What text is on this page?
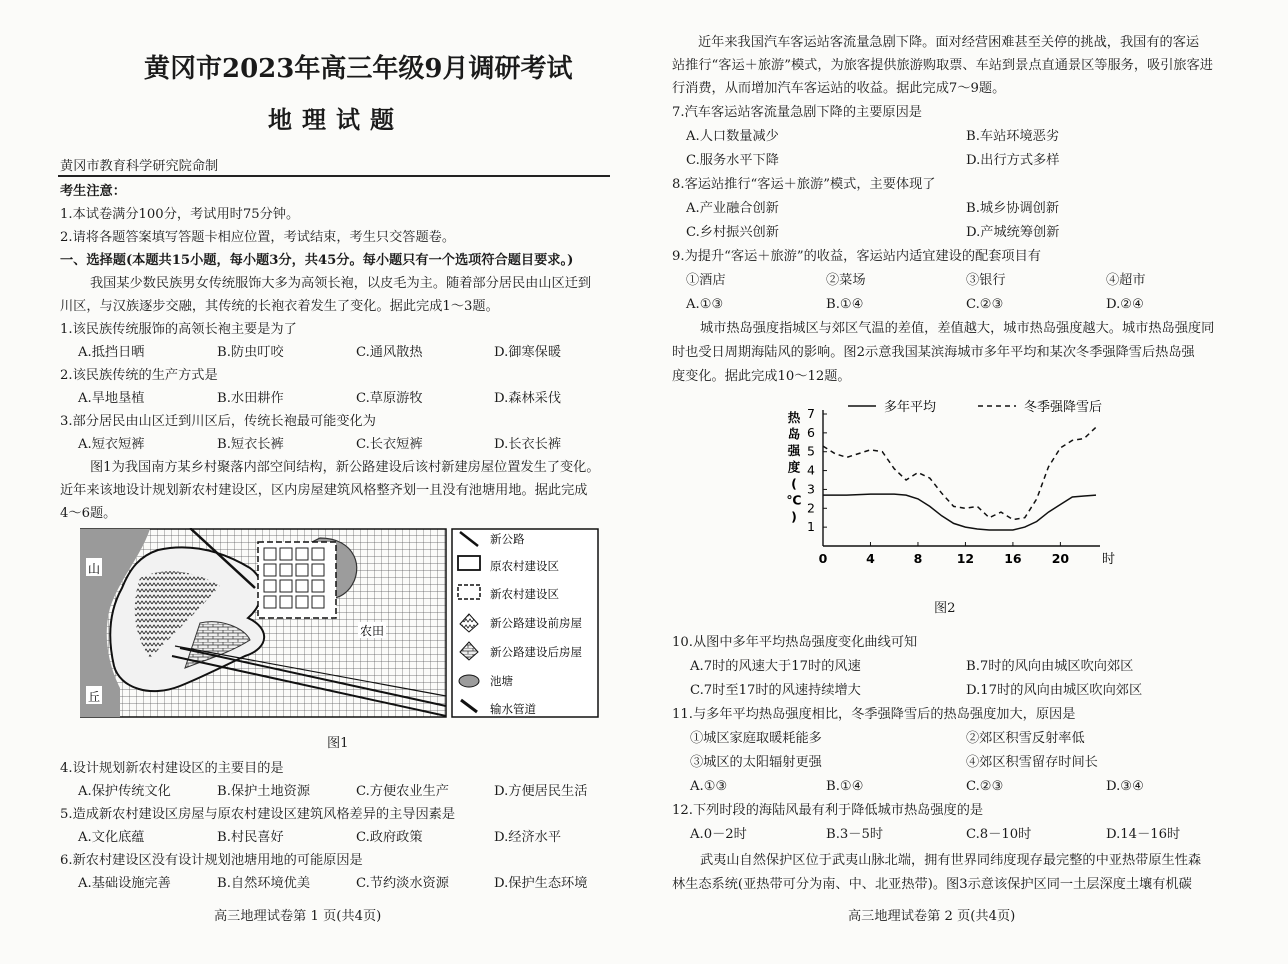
黄冈市2023年高三年级9月调研考试
地理试题
黄冈市教育科学研究院命制
考生注意：
1.本试卷满分100分，考试用时75分钟。
2.请将各题答案填写答题卡相应位置，考试结束，考生只交答题卷。
一、选择题(本题共15小题，每小题3分，共45分。每小题只有一个选项符合题目要求。)
我国某少数民族男女传统服饰大多为高领长袍，以皮毛为主。随着部分居民由山区迁到
川区，与汉族逐步交融，其传统的长袍衣着发生了变化。据此完成1～3题。
1.该民族传统服饰的高领长袍主要是为了
A.抵挡日晒	B.防虫叮咬	C.通风散热	D.御寒保暖
2.该民族传统的生产方式是
A.旱地垦植	B.水田耕作	C.草原游牧	D.森林采伐
3.部分居民由山区迁到川区后，传统长袍最可能变化为
A.短衣短裤	B.短衣长裤	C.长衣短裤	D.长衣长裤
图1为我国南方某乡村聚落内部空间结构，新公路建设后该村新建房屋位置发生了变化。
近年来该地设计规划新农村建设区，区内房屋建筑风格整齐划一且没有池塘用地。据此完成
4～6题。
山
丘
农田
新公路
原农村建设区
新农村建设区
新公路建设前房屋
新公路建设后房屋
池塘
输水管道
图1
4.设计规划新农村建设区的主要目的是
A.保护传统文化	B.保护土地资源	C.方便农业生产	D.方便居民生活
5.造成新农村建设区房屋与原农村建设区建筑风格差异的主导因素是
A.文化底蕴	B.村民喜好	C.政府政策	D.经济水平
6.新农村建设区没有设计规划池塘用地的可能原因是
A.基础设施完善	B.自然环境优美	C.节约淡水资源	D.保护生态环境
高三地理试卷第 1 页(共4页)
近年来我国汽车客运站客流量急剧下降。面对经营困难甚至关停的挑战，我国有的客运
站推行“客运＋旅游”模式，为旅客提供旅游购取票、车站到景点直通景区等服务，吸引旅客进
行消费，从而增加汽车客运站的收益。据此完成7～9题。
7.汽车客运站客流量急剧下降的主要原因是
A.人口数量减少	B.车站环境恶劣
C.服务水平下降	D.出行方式多样
8.客运站推行“客运＋旅游”模式，主要体现了
A.产业融合创新	B.城乡协调创新
C.乡村振兴创新	D.产城统筹创新
9.为提升“客运＋旅游”的收益，客运站内适宜建设的配套项目有
①酒店	②菜场	③银行	④超市
A.①③	B.①④	C.②③	D.②④
城市热岛强度指城区与郊区气温的差值，差值越大，城市热岛强度越大。城市热岛强度同
时也受日周期海陆风的影响。图2示意我国某滨海城市多年平均和某次冬季强降雪后热岛强
度变化。据此完成10～12题。
多年平均	冬季强降雪后
热
岛
强
度
(
℃
)
1
2
3
4
5
6
7
0	4	8	12 16 20	时
图2
10.从图中多年平均热岛强度变化曲线可知
A.7时的风速大于17时的风速	B.7时的风向由城区吹向郊区
C.7时至17时的风速持续增大	D.17时的风向由城区吹向郊区
11.与多年平均热岛强度相比，冬季强降雪后的热岛强度加大，原因是
①城区家庭取暖耗能多	②郊区积雪反射率低
③城区的太阳辐射更强	④郊区积雪留存时间长
A.①③	B.①④	C.②③	D.③④
12.下列时段的海陆风最有利于降低城市热岛强度的是
A.0－2时	B.3－5时	C.8－10时	D.14－16时
武夷山自然保护区位于武夷山脉北端，拥有世界同纬度现存最完整的中亚热带原生性森
林生态系统(亚热带可分为南、中、北亚热带)。图3示意该保护区同一土层深度土壤有机碳
高三地理试卷第 2 页(共4页)
